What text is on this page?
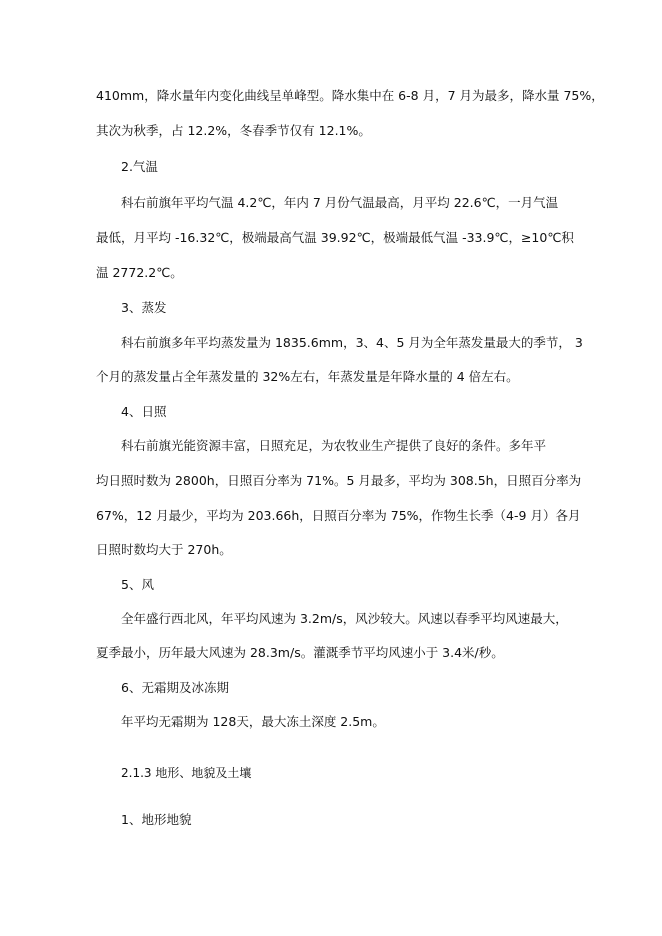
410mm，降水量年内变化曲线呈单峰型。降水集中在 6-8 月，7 月为最多，降水量 75%，
其次为秋季，占 12.2%，冬春季节仅有 12.1%。
2.气温
科右前旗年平均气温 4.2℃，年内 7 月份气温最高，月平均 22.6℃，一月气温
最低，月平均 -16.32℃，极端最高气温 39.92℃，极端最低气温 -33.9℃，≥10℃积
温 2772.2℃。
3、蒸发
科右前旗多年平均蒸发量为 1835.6mm，3、4、5 月为全年蒸发量最大的季节， 3
个月的蒸发量占全年蒸发量的 32%左右，年蒸发量是年降水量的 4 倍左右。
4、日照
科右前旗光能资源丰富，日照充足，为农牧业生产提供了良好的条件。多年平
均日照时数为 2800h，日照百分率为 71%。5 月最多，平均为 308.5h，日照百分率为
67%，12 月最少，平均为 203.66h，日照百分率为 75%，作物生长季（4-9 月）各月
日照时数均大于 270h。
5、风
全年盛行西北风，年平均风速为 3.2m/s，风沙较大。风速以春季平均风速最大，
夏季最小，历年最大风速为 28.3m/s。灌溉季节平均风速小于 3.4米/秒。
6、无霜期及冰冻期
年平均无霜期为 128天，最大冻土深度 2.5m。
2.1.3 地形、地貌及土壤
1、地形地貌
